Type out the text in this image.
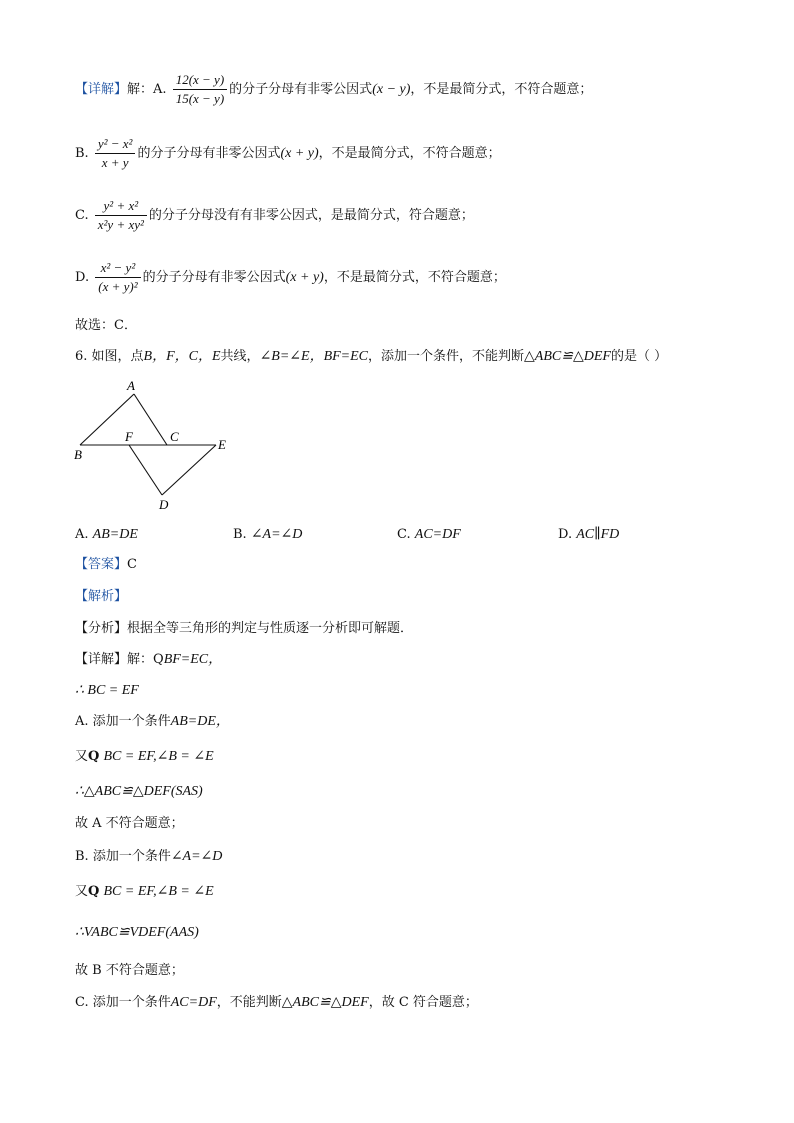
【详解】解：A. $\frac{12(x - y)}{15(x - y)}$ 的分子分母有非零公因式(x − y)，不是最简分式，不符合题意；
B. $\frac{\text{y² − x²}}{x + y}$ 的分子分母有非零公因式(x + y)，不是最简分式，不符合题意；
C. $\frac{\text{y² + x²}}{\text{x²y + xy²}}$ 的分子分母没有有非零公因式，是最简分式，符合题意；
D. $\frac{\text{x² − y²}}{\text{(x + y)²}}$ 的分子分母有非零公因式(x + y)，不是最简分式，不符合题意；
故选：C．
6. 如图，点B，F，C，E共线，∠B=∠E，BF=EC，添加一个条件，不能判断△ABC≌△DEF的是（ ）
A
B
F	C
E
D
A. AB=DE	B. ∠A=∠D	C. AC=DF	D. AC∥FD
【答案】C
【解析】
【分析】根据全等三角形的判定与性质逐一分析即可解题．
【详解】解：QBF=EC，
∴ BC = EF
A. 添加一个条件AB=DE，
又Q BC = EF,∠B = ∠E
∴△ABC≌△DEF(SAS)
故 A 不符合题意；
B. 添加一个条件∠A=∠D
又Q BC = EF,∠B = ∠E
∴VABC≌VDEF(AAS)
故 B 不符合题意；
C. 添加一个条件AC=DF，不能判断△ABC≌△DEF，故 C 符合题意；
